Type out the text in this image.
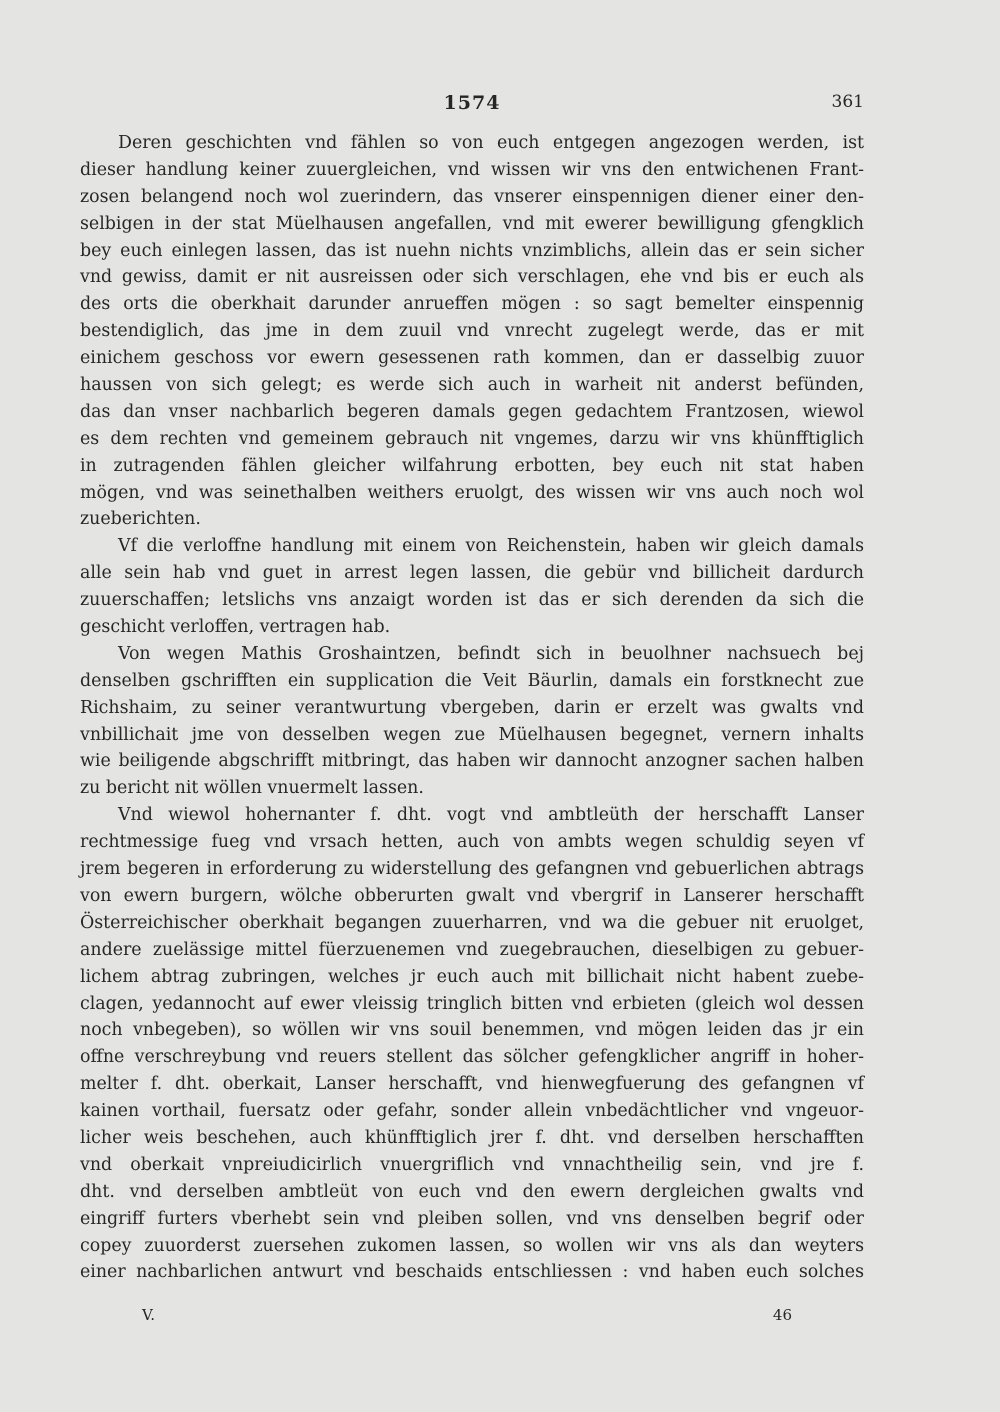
1574	361
Deren geschichten vnd fählen so von euch entgegen angezogen werden, ist
dieser handlung keiner zuuergleichen, vnd wissen wir vns den entwichenen Frant-
zosen belangend noch wol zuerindern, das vnserer einspennigen diener einer den-
selbigen in der stat Müelhausen angefallen, vnd mit ewerer bewilligung gfengklich
bey euch einlegen lassen, das ist nuehn nichts vnzimblichs, allein das er sein sicher
vnd gewiss, damit er nit ausreissen oder sich verschlagen, ehe vnd bis er euch als
des orts die oberkhait darunder anrueffen mögen : so sagt bemelter einspennig
bestendiglich, das jme in dem zuuil vnd vnrecht zugelegt werde, das er mit
einichem geschoss vor ewern gesessenen rath kommen, dan er dasselbig zuuor
haussen von sich gelegt; es werde sich auch in warheit nit anderst befünden,
das dan vnser nachbarlich begeren damals gegen gedachtem Frantzosen, wiewol
es dem rechten vnd gemeinem gebrauch nit vngemes, darzu wir vns khünfftiglich
in zutragenden fählen gleicher wilfahrung erbotten, bey euch nit stat haben
mögen, vnd was seinethalben weithers eruolgt, des wissen wir vns auch noch wol
zueberichten.
Vf die verloffne handlung mit einem von Reichenstein, haben wir gleich damals
alle sein hab vnd guet in arrest legen lassen, die gebür vnd billicheit dardurch
zuuerschaffen; letslichs vns anzaigt worden ist das er sich derenden da sich die
geschicht verloffen, vertragen hab.
Von wegen Mathis Groshaintzen, befindt sich in beuolhner nachsuech bej
denselben gschrifften ein supplication die Veit Bäurlin, damals ein forstknecht zue
Richshaim, zu seiner verantwurtung vbergeben, darin er erzelt was gwalts vnd
vnbillichait jme von desselben wegen zue Müelhausen begegnet, vernern inhalts
wie beiligende abgschrifft mitbringt, das haben wir dannocht anzogner sachen halben
zu bericht nit wöllen vnuermelt lassen.
Vnd wiewol hohernanter f. dht. vogt vnd ambtleüth der herschafft Lanser
rechtmessige fueg vnd vrsach hetten, auch von ambts wegen schuldig seyen vf
jrem begeren in erforderung zu widerstellung des gefangnen vnd gebuerlichen abtrags
von ewern burgern, wölche obberurten gwalt vnd vbergrif in Lanserer herschafft
Österreichischer oberkhait begangen zuuerharren, vnd wa die gebuer nit eruolget,
andere zuelässige mittel füerzuenemen vnd zuegebrauchen, dieselbigen zu gebuer-
lichem abtrag zubringen, welches jr euch auch mit billichait nicht habent zuebe-
clagen, yedannocht auf ewer vleissig tringlich bitten vnd erbieten (gleich wol dessen
noch vnbegeben), so wöllen wir vns souil benemmen, vnd mögen leiden das jr ein
offne verschreybung vnd reuers stellent das sölcher gefengklicher angriff in hoher-
melter f. dht. oberkait, Lanser herschafft, vnd hienwegfuerung des gefangnen vf
kainen vorthail, fuersatz oder gefahr, sonder allein vnbedächtlicher vnd vngeuor-
licher weis beschehen, auch khünfftiglich jrer f. dht. vnd derselben herschafften
vnd oberkait vnpreiudicirlich vnuergriflich vnd vnnachtheilig sein, vnd jre f.
dht. vnd derselben ambtleüt von euch vnd den ewern dergleichen gwalts vnd
eingriff furters vberhebt sein vnd pleiben sollen, vnd vns denselben begrif oder
copey zuuorderst zuersehen zukomen lassen, so wollen wir vns als dan weyters
einer nachbarlichen antwurt vnd beschaids entschliessen : vnd haben euch solches
V.	46
